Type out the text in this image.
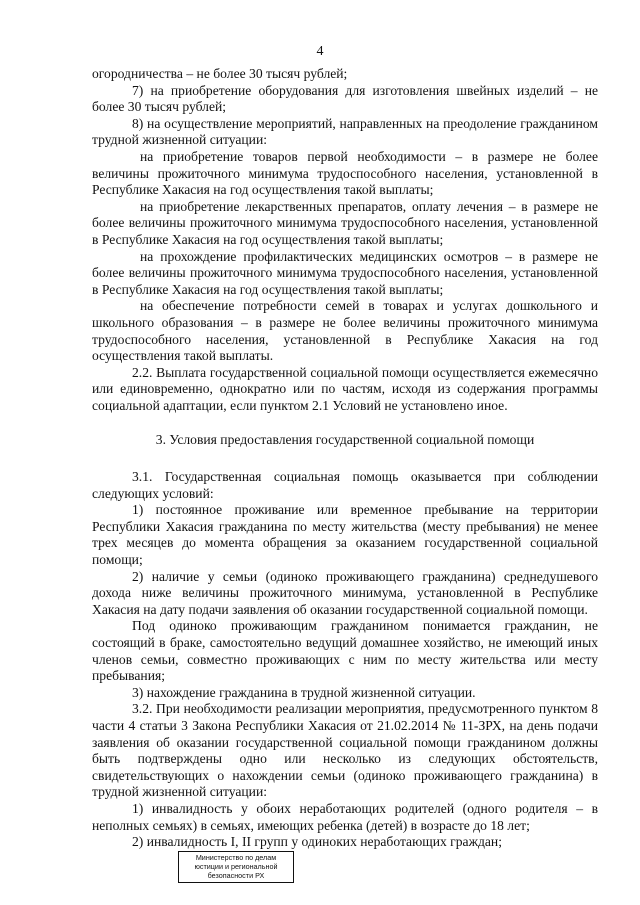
4

огородничества – не более 30 тысяч рублей;

7) на приобретение оборудования для изготовления швейных изделий – не более 30 тысяч рублей;

8) на осуществление мероприятий, направленных на преодоление гражданином трудной жизненной ситуации:

на приобретение товаров первой необходимости – в размере не более величины прожиточного минимума трудоспособного населения, установленной в Республике Хакасия на год осуществления такой выплаты;

на приобретение лекарственных препаратов, оплату лечения – в размере не более величины прожиточного минимума трудоспособного населения, установленной в Республике Хакасия на год осуществления такой выплаты;

на прохождение профилактических медицинских осмотров – в размере не более величины прожиточного минимума трудоспособного населения, установленной в Республике Хакасия на год осуществления такой выплаты;

на обеспечение потребности семей в товарах и услугах дошкольного и школьного образования – в размере не более величины прожиточного минимума трудоспособного населения, установленной в Республике Хакасия на год осуществления такой выплаты.

2.2. Выплата государственной социальной помощи осуществляется ежемесячно или единовременно, однократно или по частям, исходя из содержания программы социальной адаптации, если пунктом 2.1 Условий не установлено иное.

3. Условия предоставления государственной социальной помощи

3.1. Государственная социальная помощь оказывается при соблюдении следующих условий:

1) постоянное проживание или временное пребывание на территории Республики Хакасия гражданина по месту жительства (месту пребывания) не менее трех месяцев до момента обращения за оказанием государственной социальной помощи;

2) наличие у семьи (одиноко проживающего гражданина) среднедушевого дохода ниже величины прожиточного минимума, установленной в Республике Хакасия на дату подачи заявления об оказании государственной социальной помощи.

Под одиноко проживающим гражданином понимается гражданин, не состоящий в браке, самостоятельно ведущий домашнее хозяйство, не имеющий иных членов семьи, совместно проживающих с ним по месту жительства или месту пребывания;

3) нахождение гражданина в трудной жизненной ситуации.

3.2. При необходимости реализации мероприятия, предусмотренного пунктом 8 части 4 статьи 3 Закона Республики Хакасия от 21.02.2014 № 11-ЗРХ, на день подачи заявления об оказании государственной социальной помощи гражданином должны быть подтверждены одно или несколько из следующих обстоятельств, свидетельствующих о нахождении семьи (одиноко проживающего гражданина) в трудной жизненной ситуации:

1) инвалидность у обоих неработающих родителей (одного родителя – в неполных семьях) в семьях, имеющих ребенка (детей) в возрасте до 18 лет;

2) инвалидность I, II групп у одиноких неработающих граждан;

Министерство по делам
юстиции и региональной
безопасности РХ
